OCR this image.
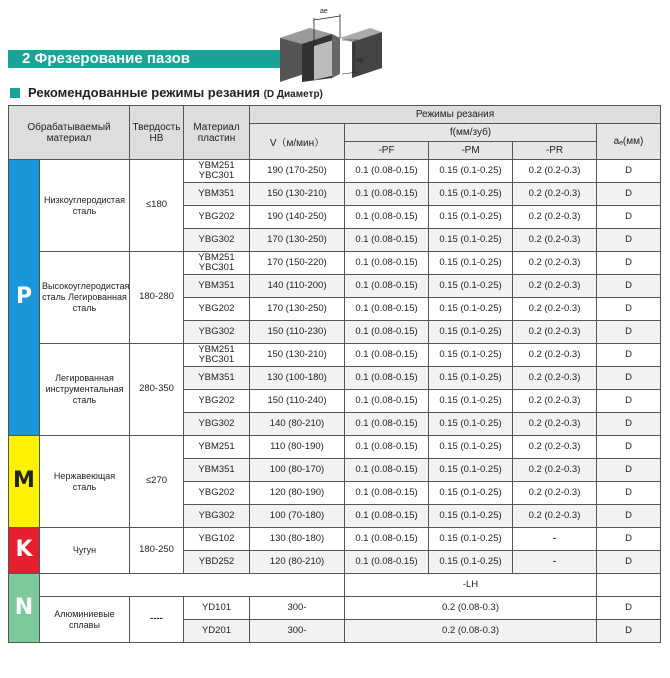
2 Фрезерование пазов
ae
ap
Рекомендованные режимы резания (D Диаметр)
Обрабатываемый материал		Твердость HB	Материал пластин	Режимы резания				
				V（м/мин）	f(мм/зуб)			aₑ(мм)
					-PF	-PM	-PR	
P	Низкоуглеродистая сталь	≤180	YBM251 YBC301	190 (170-250)	0.1 (0.08-0.15)	0.15 (0.1-0.25)	0.2 (0.2-0.3)	D
			YBM351	150 (130-210)	0.1 (0.08-0.15)	0.15 (0.1-0.25)	0.2 (0.2-0.3)	D
			YBG202	190 (140-250)	0.1 (0.08-0.15)	0.15 (0.1-0.25)	0.2 (0.2-0.3)	D
			YBG302	170 (130-250)	0.1 (0.08-0.15)	0.15 (0.1-0.25)	0.2 (0.2-0.3)	D
	Высокоуглеродистая сталь Легированная сталь	180-280	YBM251 YBC301	170 (150-220)	0.1 (0.08-0.15)	0.15 (0.1-0.25)	0.2 (0.2-0.3)	D
			YBM351	140 (110-200)	0.1 (0.08-0.15)	0.15 (0.1-0.25)	0.2 (0.2-0.3)	D
			YBG202	170 (130-250)	0.1 (0.08-0.15)	0.15 (0.1-0.25)	0.2 (0.2-0.3)	D
			YBG302	150 (110-230)	0.1 (0.08-0.15)	0.15 (0.1-0.25)	0.2 (0.2-0.3)	D
	Легированная инструментальная сталь	280-350	YBM251 YBC301	150 (130-210)	0.1 (0.08-0.15)	0.15 (0.1-0.25)	0.2 (0.2-0.3)	D
			YBM351	130 (100-180)	0.1 (0.08-0.15)	0.15 (0.1-0.25)	0.2 (0.2-0.3)	D
			YBG202	150 (110-240)	0.1 (0.08-0.15)	0.15 (0.1-0.25)	0.2 (0.2-0.3)	D
			YBG302	140 (80-210)	0.1 (0.08-0.15)	0.15 (0.1-0.25)	0.2 (0.2-0.3)	D
M	Нержавеющая сталь	≤270	YBM251	110 (80-190)	0.1 (0.08-0.15)	0.15 (0.1-0.25)	0.2 (0.2-0.3)	D
			YBM351	100 (80-170)	0.1 (0.08-0.15)	0.15 (0.1-0.25)	0.2 (0.2-0.3)	D
			YBG202	120 (80-190)	0.1 (0.08-0.15)	0.15 (0.1-0.25)	0.2 (0.2-0.3)	D
			YBG302	100 (70-180)	0.1 (0.08-0.15)	0.15 (0.1-0.25)	0.2 (0.2-0.3)	D
K	Чугун	180-250	YBG102	130 (80-180)	0.1 (0.08-0.15)	0.15 (0.1-0.25)	-	D
			YBD252	120 (80-210)	0.1 (0.08-0.15)	0.15 (0.1-0.25)	-	D
N					-LH			
	Алюминиевые сплавы	----	YD101	300-	0.2 (0.08-0.3)			D
			YD201	300-	0.2 (0.08-0.3)			D
